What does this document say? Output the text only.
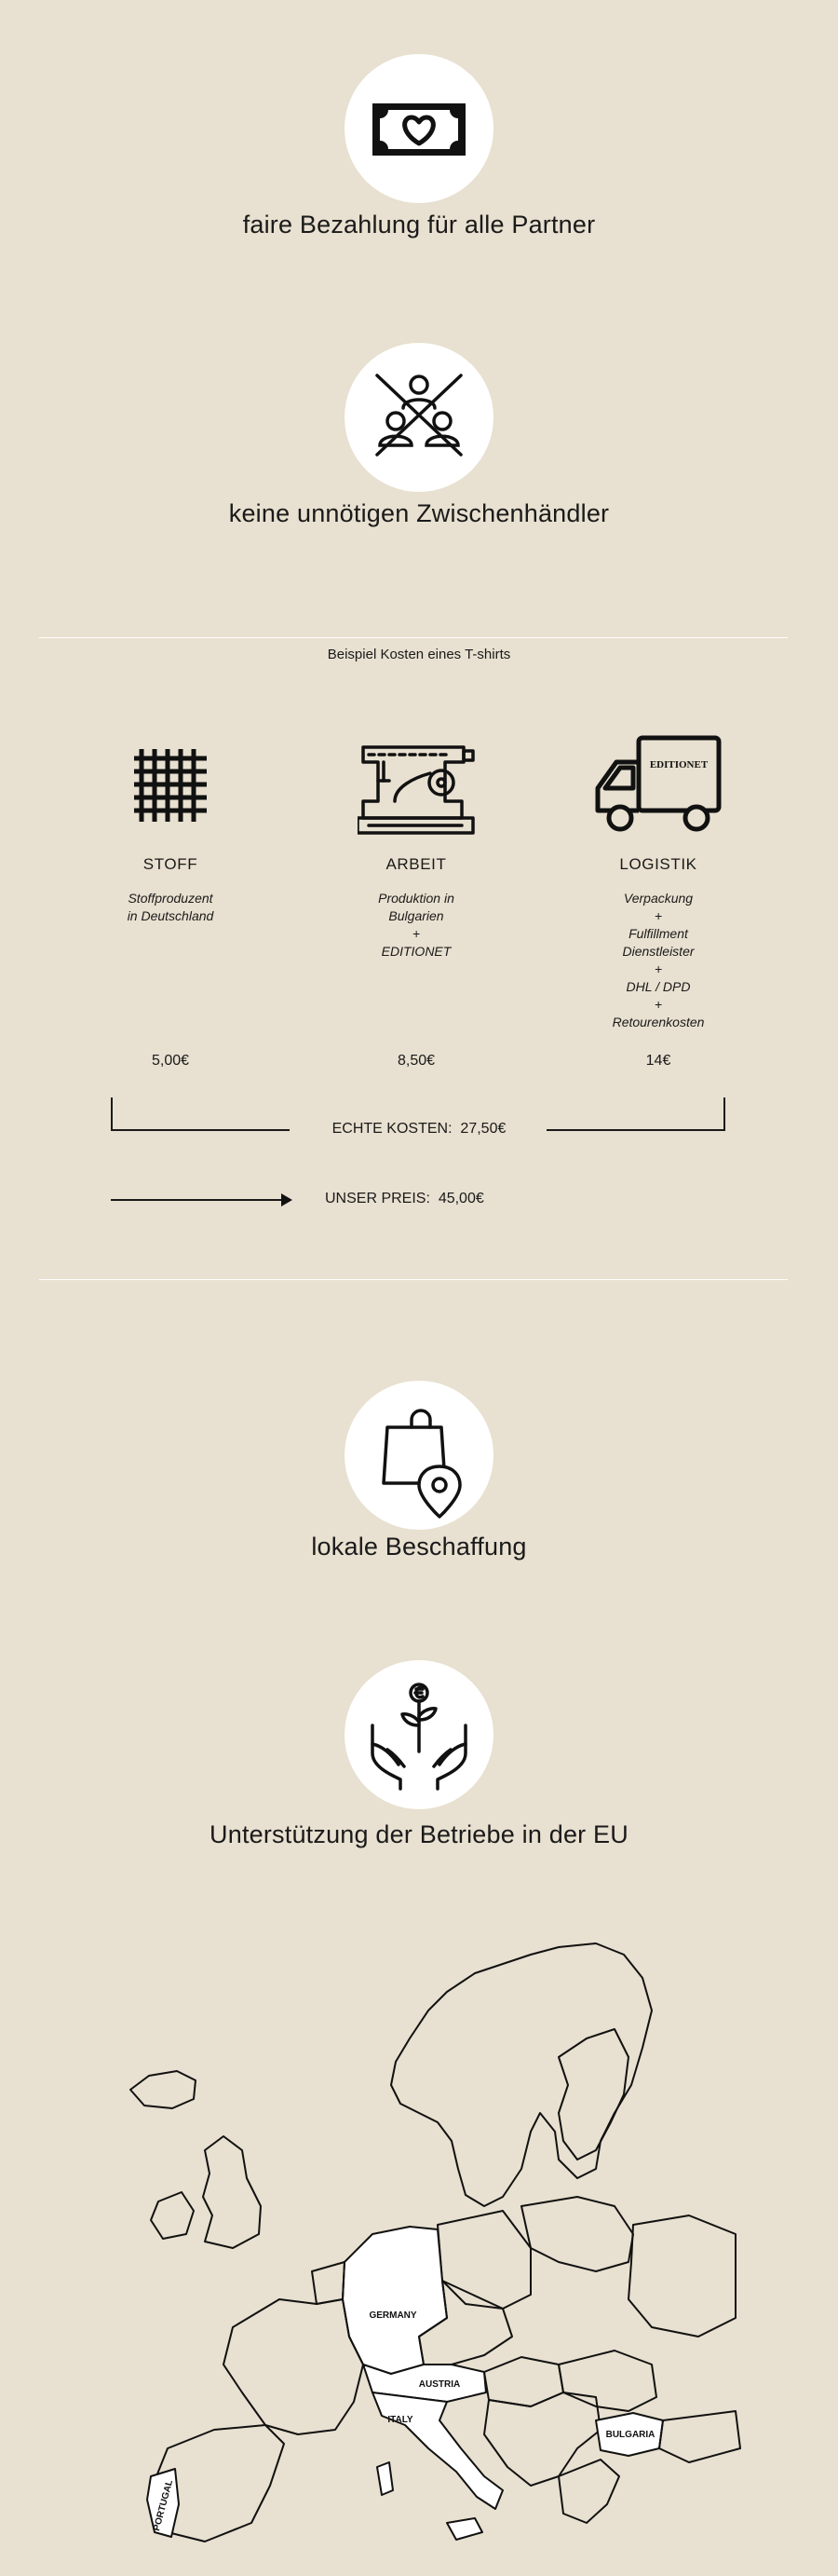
faire Bezahlung für alle Partner
keine unnötigen Zwischenhändler
Beispiel Kosten eines T-shirts
EDITIONET
STOFF
Stoffproduzent
in Deutschland
5,00€
ARBEIT
Produktion in
Bulgarien
+
EDITIONET
8,50€
LOGISTIK
Verpackung
+
Fulfillment
Dienstleister
+
DHL / DPD
+
Retourenkosten
14€
ECHTE KOSTEN: 27,50€
UNSER PREIS: 45,00€
lokale Beschaffung
Unterstützung der Betriebe in der EU
GERMANY
AUSTRIA
ITALY
BULGARIA
PORTUGAL
